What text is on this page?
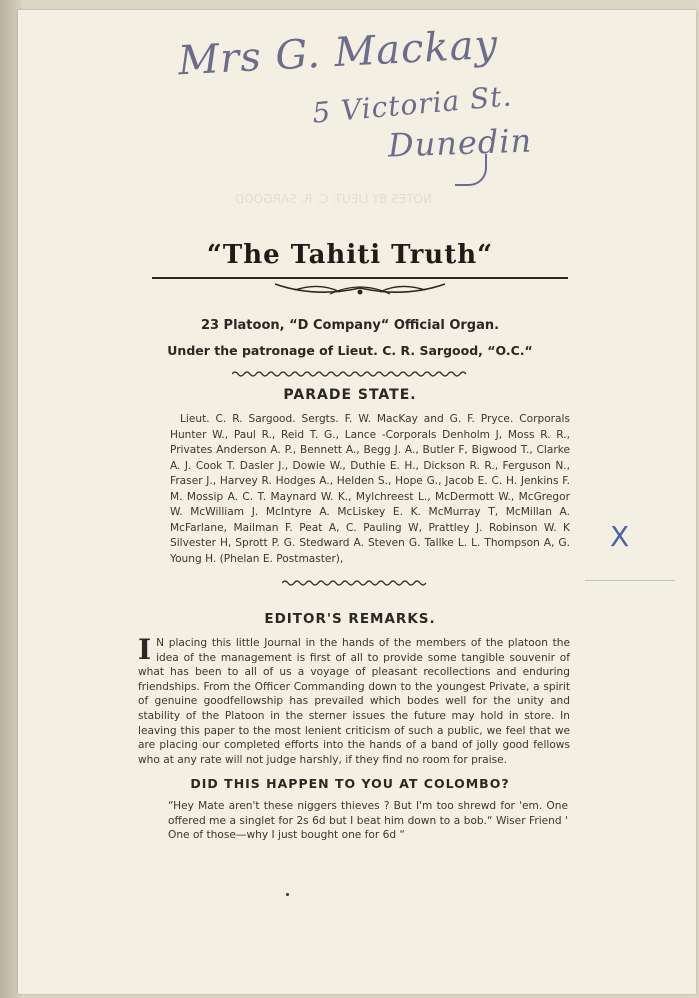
NOTES BY LIEUT. C. R. SARGOOD
Mrs G. Mackay
5 Victoria St.
Dunedin
“The Tahiti Truth“
23 Platoon, “D Company“ Official Organ.
Under the patronage of Lieut. C. R. Sargood, “O.C.“
PARADE STATE.
Lieut. C. R. Sargood. Sergts. F. W. MacKay and G. F. Pryce. Corporals Hunter W., Paul R., Reid T. G., Lance -Corporals Denholm J, Moss R. R., Privates Anderson A. P., Bennett A., Begg J. A., Butler F, Bigwood T., Clarke A. J. Cook T. Dasler J., Dowie W., Duthie E. H., Dickson R. R., Ferguson N., Fraser J., Harvey R. Hodges A., Helden S., Hope G., Jacob E. C. H. Jenkins F. M. Mossip A. C. T. Maynard W. K., Mylchreest L., McDermott W., McGregor W. McWilliam J. McIntyre A. McLiskey E. K. McMurray T, McMillan A. McFarlane, Mailman F. Peat A, C. Pauling W, Prattley J. Robinson W. K Silvester H, Sprott P. G. Stedward A. Steven G. Tallke L. L. Thompson A, G. Young H. (Phelan E. Postmaster),
X
EDITOR'S REMARKS.
I N placing this little Journal in the hands of the members of the platoon the idea of the management is first of all to provide some tangible souvenir of what has been to all of us a voyage of pleasant recollections and enduring friendships. From the Officer Commanding down to the youngest Private, a spirit of genuine goodfellowship has prevailed which bodes well for the unity and stability of the Platoon in the sterner issues the future may hold in store. In leaving this paper to the most lenient criticism of such a public, we feel that we are placing our completed efforts into the hands of a band of jolly good fellows who at any rate will not judge harshly, if they find no room for praise.
DID THIS HAPPEN TO YOU AT COLOMBO?
“Hey Mate aren't these niggers thieves ? But I'm too shrewd for 'em. One offered me a singlet for 2s 6d but I beat him down to a bob.“ Wiser Friend ' One of those—why I just bought one for 6d “
